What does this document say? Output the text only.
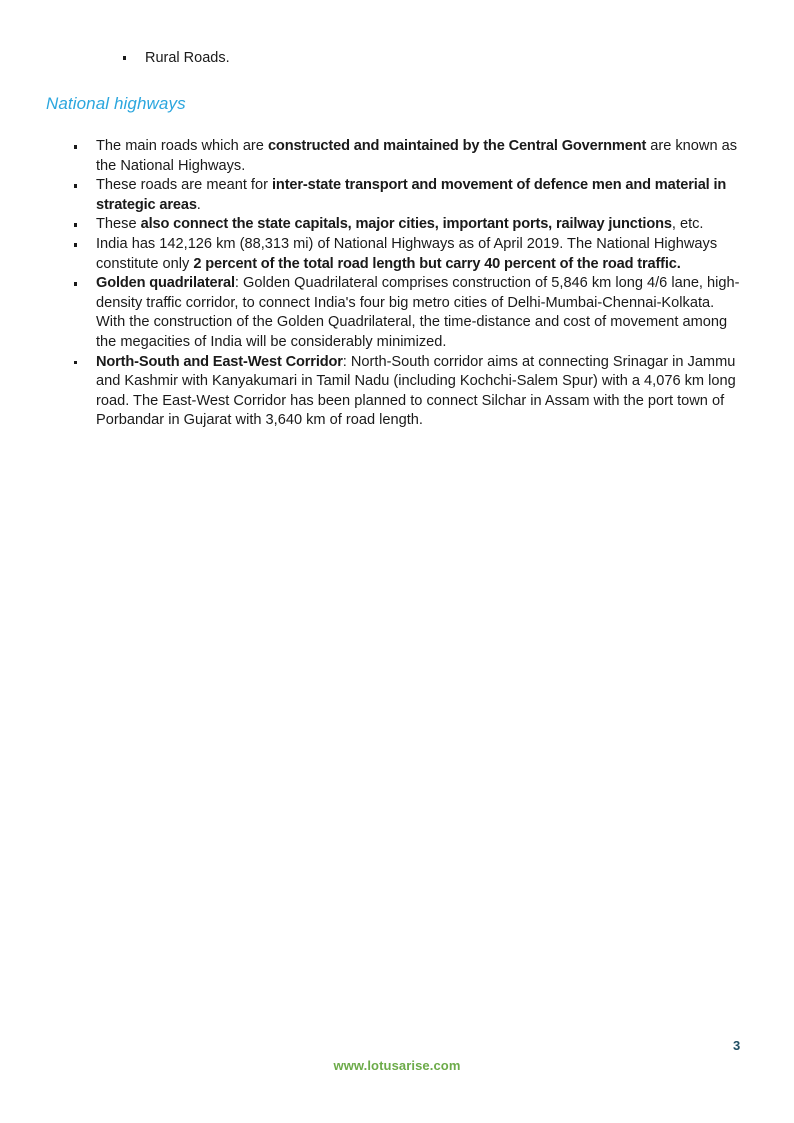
Rural Roads.
National highways
The main roads which are constructed and maintained by the Central Government are known as the National Highways.
These roads are meant for inter-state transport and movement of defence men and material in strategic areas.
These also connect the state capitals, major cities, important ports, railway junctions, etc.
India has 142,126 km (88,313 mi) of National Highways as of April 2019. The National Highways constitute only 2 percent of the total road length but carry 40 percent of the road traffic.
Golden quadrilateral: Golden Quadrilateral comprises construction of 5,846 km long 4/6 lane, high-density traffic corridor, to connect India's four big metro cities of Delhi-Mumbai-Chennai-Kolkata. With the construction of the Golden Quadrilateral, the time-distance and cost of movement among the megacities of India will be considerably minimized.
North-South and East-West Corridor: North-South corridor aims at connecting Srinagar in Jammu and Kashmir with Kanyakumari in Tamil Nadu (including Kochchi-Salem Spur) with a 4,076 km long road. The East-West Corridor has been planned to connect Silchar in Assam with the port town of Porbandar in Gujarat with 3,640 km of road length.
www.lotusarise.com
3
